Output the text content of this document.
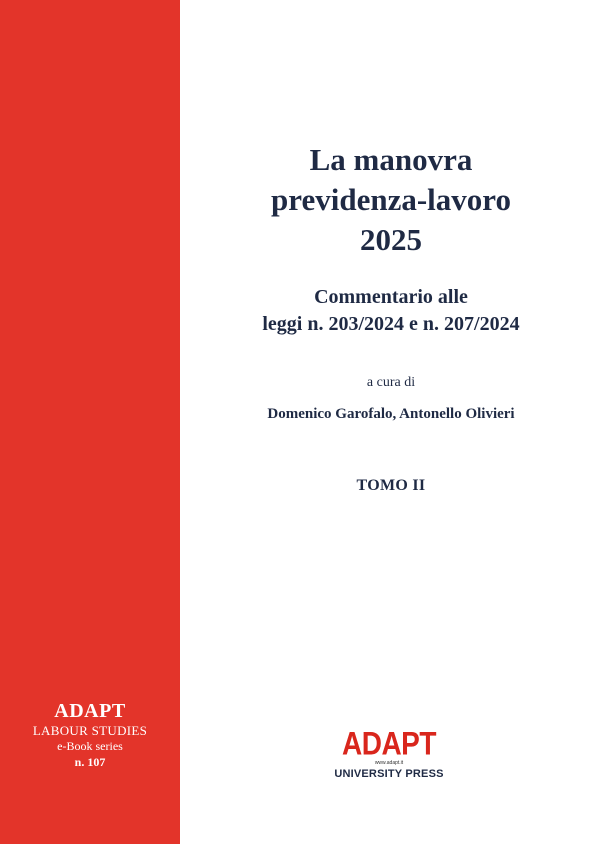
ADAPT
LABOUR STUDIES
e-Book series
n. 107
La manovra
previdenza-lavoro
2025
Commentario alle
leggi n. 203/2024 e n. 207/2024
a cura di
Domenico Garofalo, Antonello Olivieri
TOMO II
ADAPT
www.adapt.it
UNIVERSITY PRESS
